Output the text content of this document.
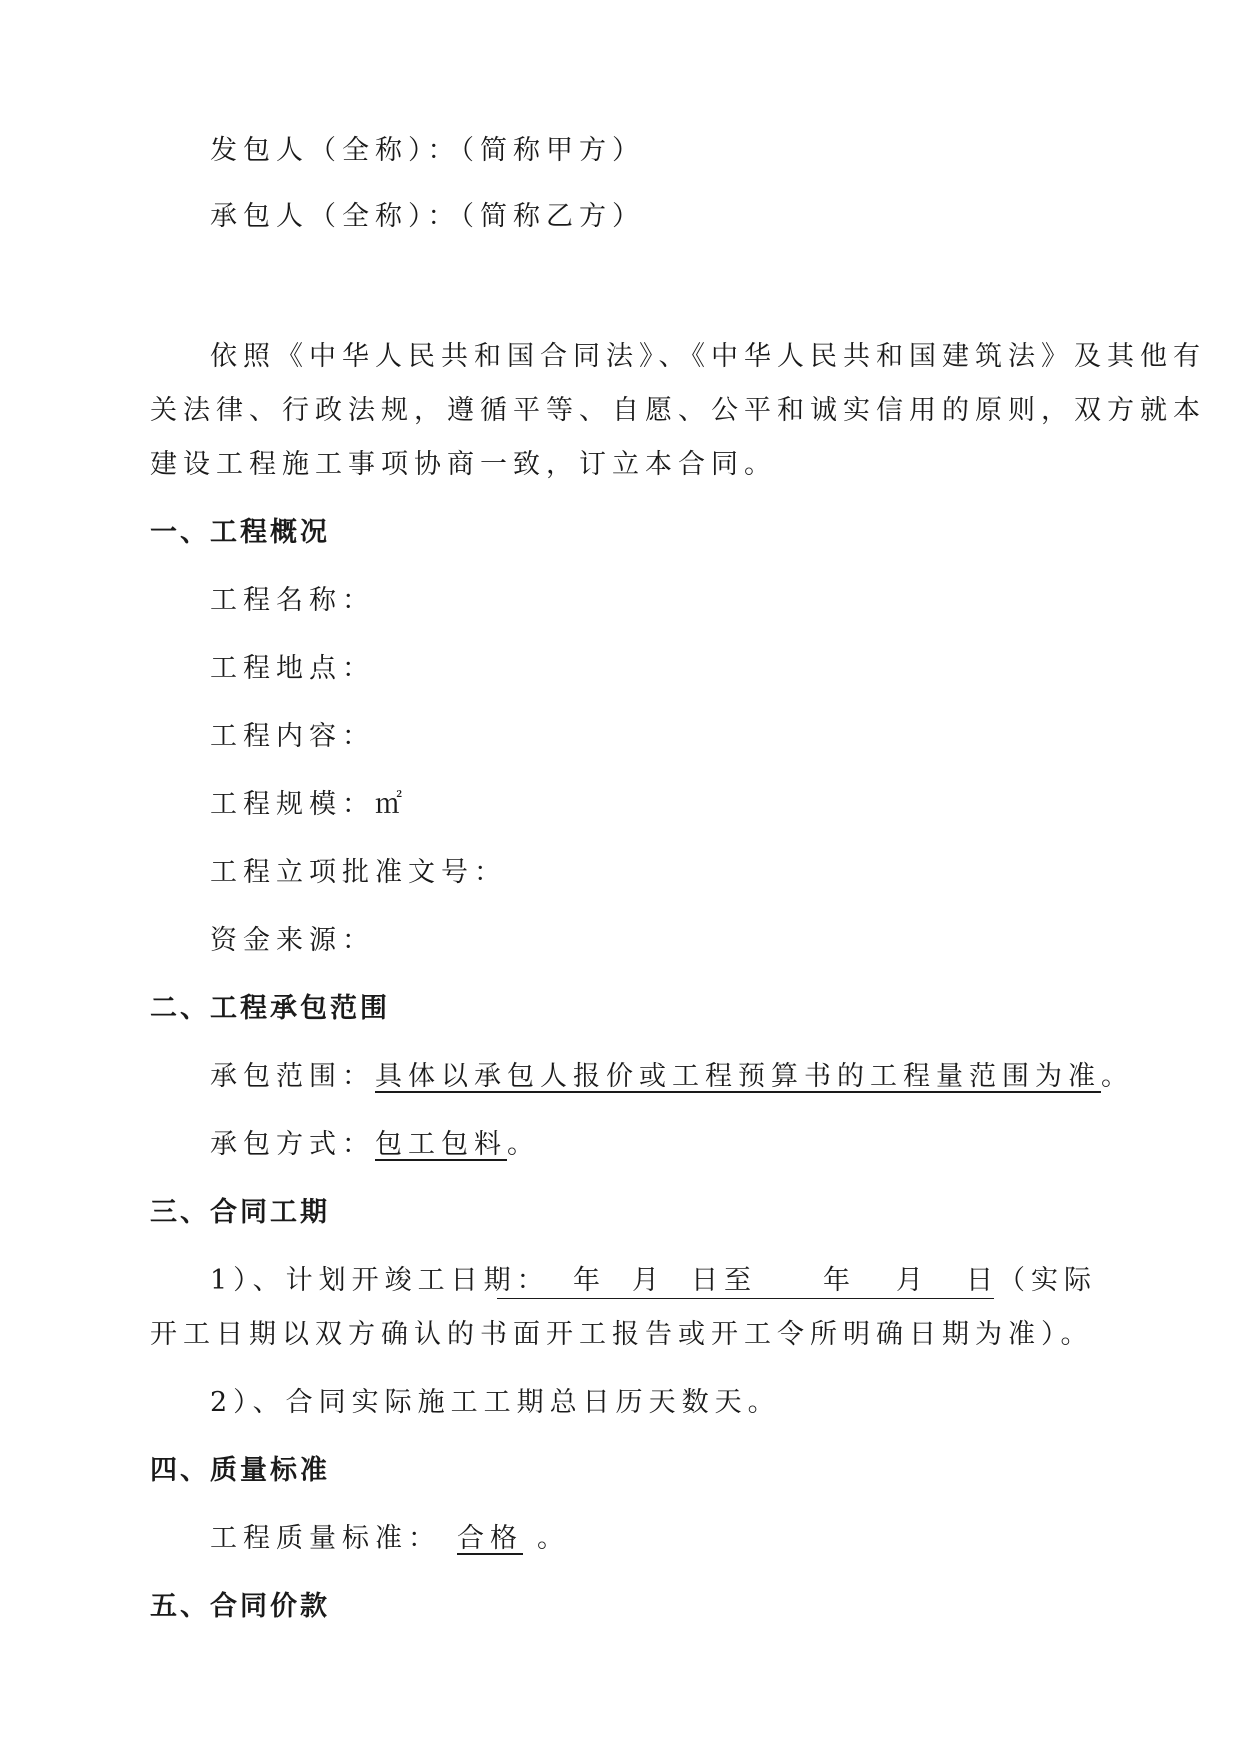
发包人（全称）：（简称甲方）
承包人（全称）：（简称乙方）
依照《中华人民共和国合同法》、《中华人民共和国建筑法》及其他有
关法律、行政法规，遵循平等、自愿、公平和诚实信用的原则，双方就本
建设工程施工事项协商一致，订立本合同。
一、工程概况
工程名称：
工程地点：
工程内容：
工程规模：㎡
工程立项批准文号：
资金来源：
二、工程承包范围
承包范围：具体以承包人报价或工程预算书的工程量范围为准。
承包方式：包工包料。
三、合同工期
1）、计划开竣工日期： 年 月 日至 年 月 日 （实际
开工日期以双方确认的书面开工报告或开工令所明确日期为准）。
2）、合同实际施工工期总日历天数天。
四、质量标准
工程质量标准： 合格 。
五、合同价款
